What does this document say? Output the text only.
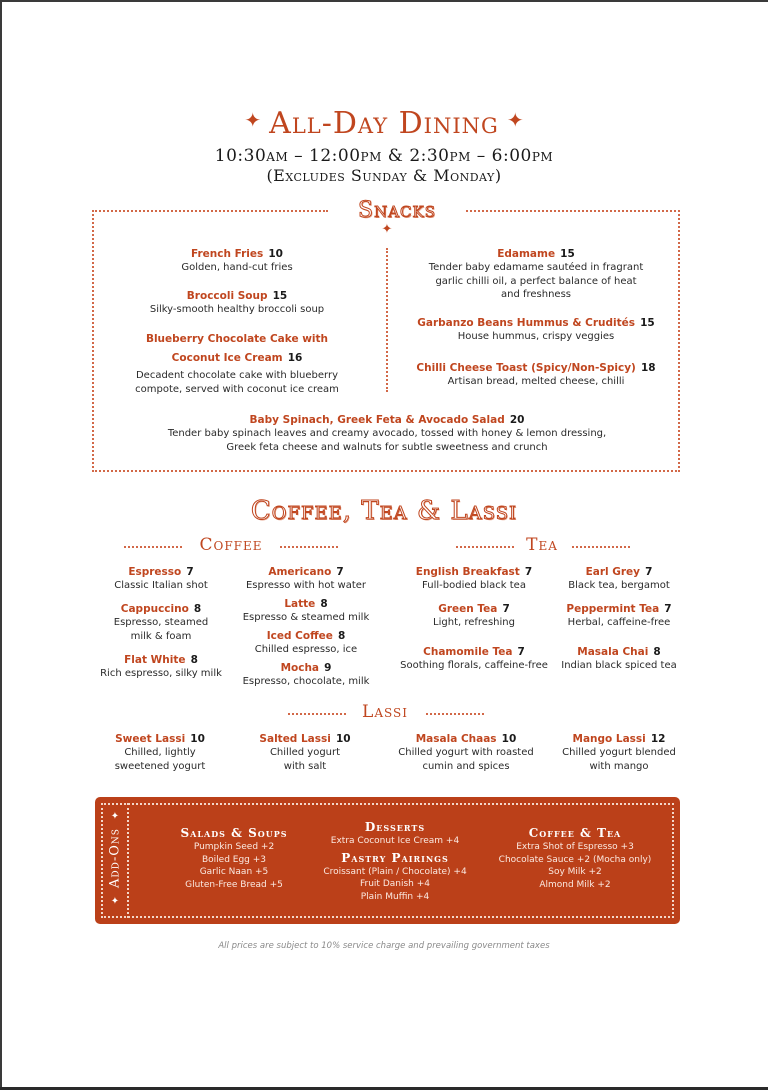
✦ All-Day Dining ✦
10:30am – 12:00pm & 2:30pm – 6:00pm
(Excludes Sunday & Monday)
Snacks
✦
French Fries 10
Golden, hand-cut fries
Broccoli Soup 15
Silky-smooth healthy broccoli soup
Blueberry Chocolate Cake with
Coconut Ice Cream 16
Decadent chocolate cake with blueberry
compote, served with coconut ice cream
Edamame 15
Tender baby edamame sautéed in fragrant
garlic chilli oil, a perfect balance of heat
and freshness
Garbanzo Beans Hummus & Crudités 15
House hummus, crispy veggies
Chilli Cheese Toast (Spicy/Non-Spicy) 18
Artisan bread, melted cheese, chilli
Baby Spinach, Greek Feta & Avocado Salad 20
Tender baby spinach leaves and creamy avocado, tossed with honey & lemon dressing,
Greek feta cheese and walnuts for subtle sweetness and crunch
Coffee, Tea & Lassi
Coffee	Tea
Espresso 7
Classic Italian shot
Cappuccino 8
Espresso, steamed
milk & foam
Flat White 8
Rich espresso, silky milk
Americano 7
Espresso with hot water
Latte 8
Espresso & steamed milk
Iced Coffee 8
Chilled espresso, ice
Mocha 9
Espresso, chocolate, milk
English Breakfast 7
Full-bodied black tea
Green Tea 7
Light, refreshing
Chamomile Tea 7
Soothing florals, caffeine-free
Earl Grey 7
Black tea, bergamot
Peppermint Tea 7
Herbal, caffeine-free
Masala Chai 8
Indian black spiced tea
Lassi
Sweet Lassi 10
Chilled, lightly
sweetened yogurt
Salted Lassi 10
Chilled yogurt
with salt
Masala Chaas 10
Chilled yogurt with roasted
cumin and spices
Mango Lassi 12
Chilled yogurt blended
with mango
✦
Add-Ons
✦
Salads & Soups
Pumpkin Seed +2
Boiled Egg +3
Garlic Naan +5
Gluten-Free Bread +5
Desserts
Extra Coconut Ice Cream +4
Pastry Pairings
Croissant (Plain / Chocolate) +4
Fruit Danish +4
Plain Muffin +4
Coffee & Tea
Extra Shot of Espresso +3
Chocolate Sauce +2 (Mocha only)
Soy Milk +2
Almond Milk +2
All prices are subject to 10% service charge and prevailing government taxes
